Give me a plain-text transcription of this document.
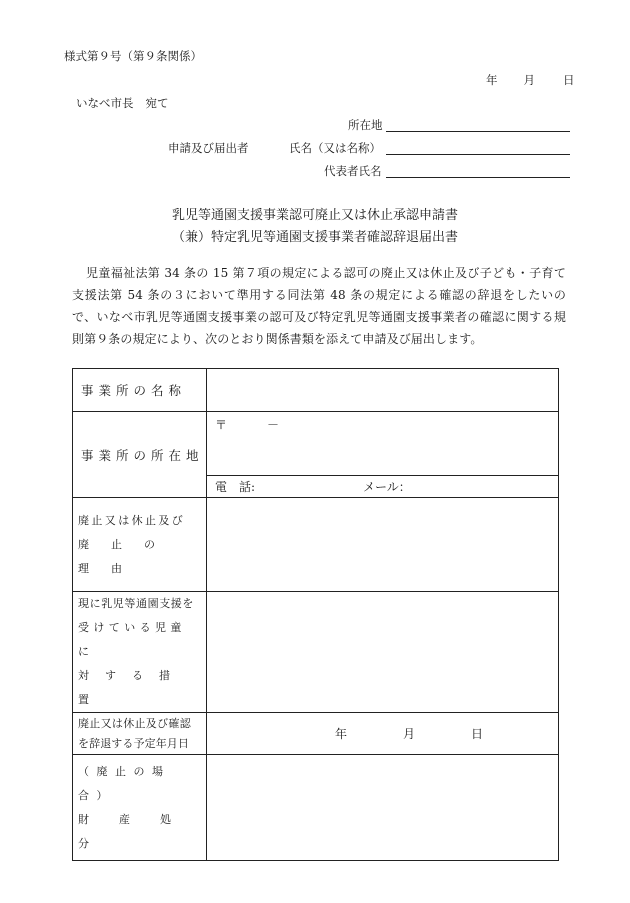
様式第９号（第９条関係）
年 月 日
いなべ市長 宛て
所在地
申請及び届出者	氏名（又は名称）
代表者氏名
乳児等通園支援事業認可廃止又は休止承認申請書
（兼）特定乳児等通園支援事業者確認辞退届出書
児童福祉法第 34 条の 15 第７項の規定による認可の廃止又は休止及び子ども・子育て支援法第 54 条の３において準用する同法第 48 条の規定による確認の辞退をしたいので、いなべ市乳児等通園支援事業の認可及び特定乳児等通園支援事業者の確認に関する規則第９条の規定により、次のとおり関係書類を添えて申請及び届出します。
事業所の名称	
事業所の所在地	〒 －
	電　話: メール：

廃止又は休止及び
廃止の理由	

現に乳児等通園支援を
受けている児童に
対する措置	

廃止又は休止及び確認
を辞退する予定年月日	年 月 日

（廃止の場合）
財産処分	
